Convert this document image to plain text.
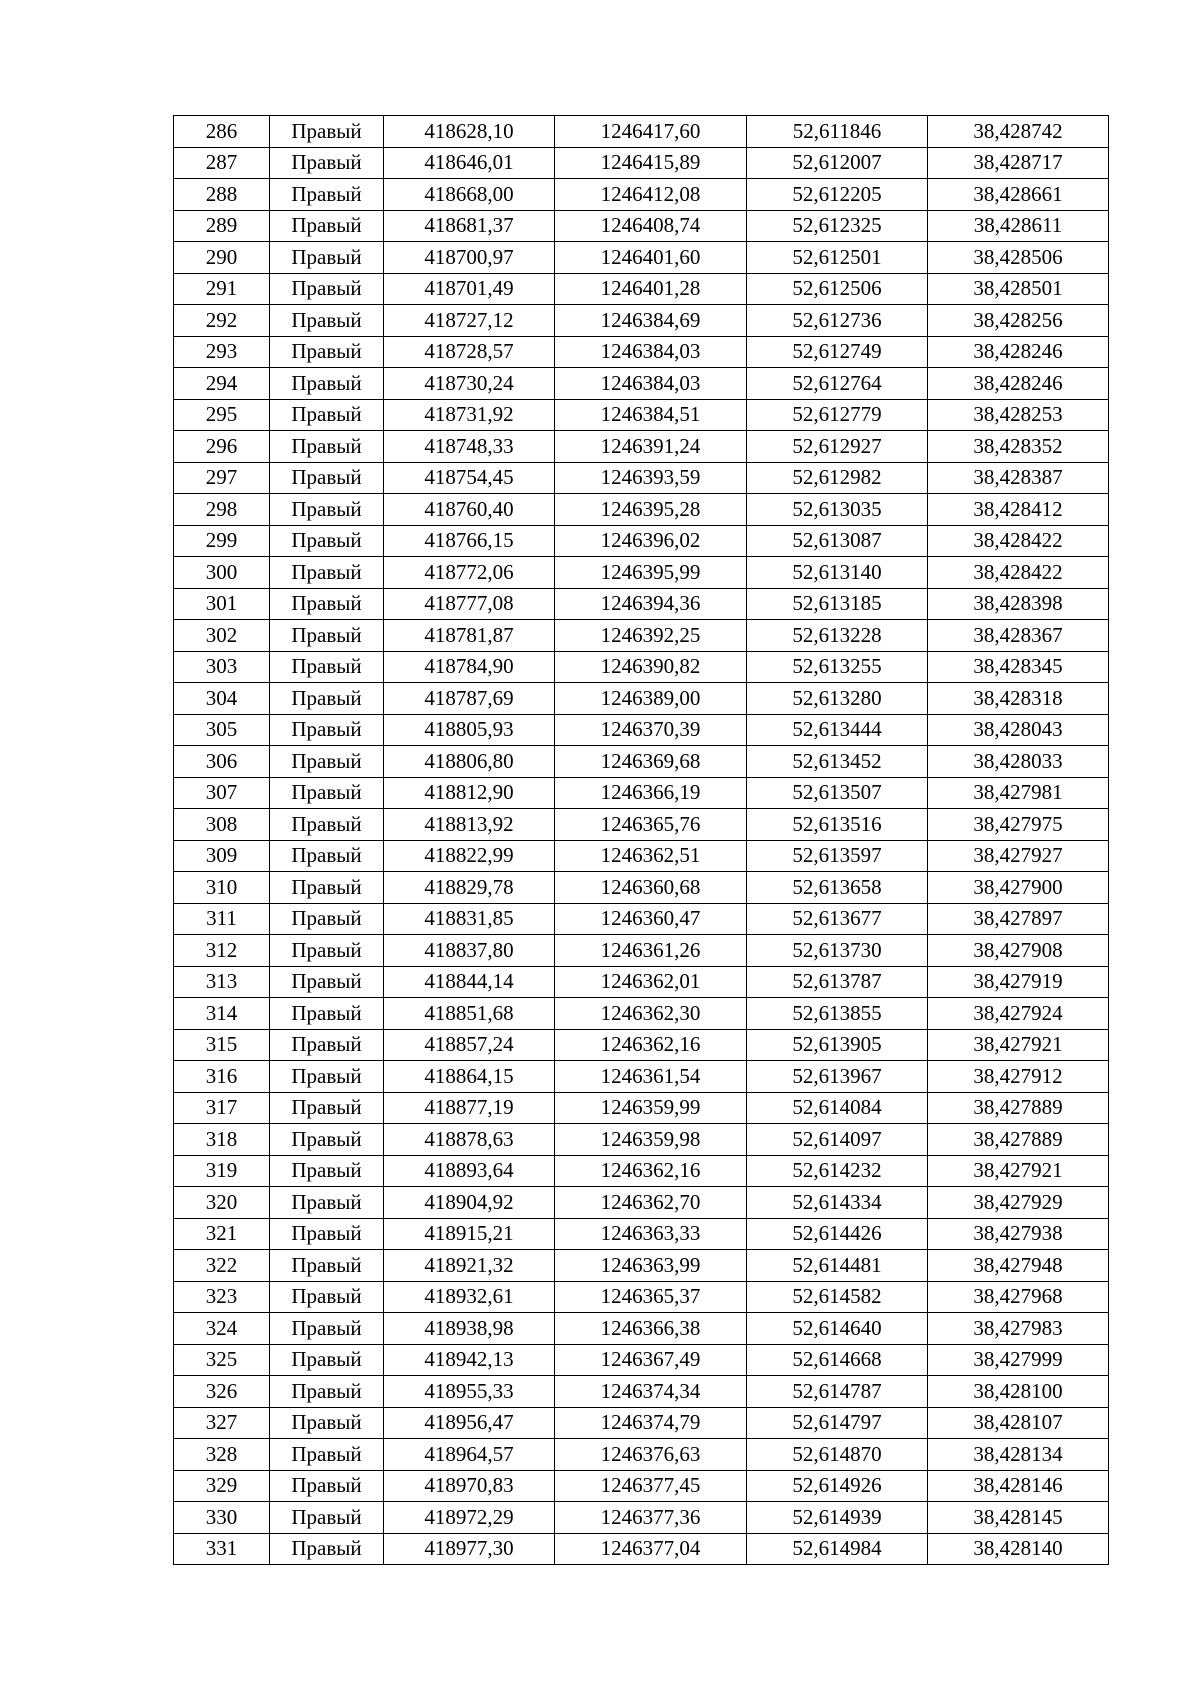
286	Правый	418628,10	1246417,60	52,611846	38,428742
287	Правый	418646,01	1246415,89	52,612007	38,428717
288	Правый	418668,00	1246412,08	52,612205	38,428661
289	Правый	418681,37	1246408,74	52,612325	38,428611
290	Правый	418700,97	1246401,60	52,612501	38,428506
291	Правый	418701,49	1246401,28	52,612506	38,428501
292	Правый	418727,12	1246384,69	52,612736	38,428256
293	Правый	418728,57	1246384,03	52,612749	38,428246
294	Правый	418730,24	1246384,03	52,612764	38,428246
295	Правый	418731,92	1246384,51	52,612779	38,428253
296	Правый	418748,33	1246391,24	52,612927	38,428352
297	Правый	418754,45	1246393,59	52,612982	38,428387
298	Правый	418760,40	1246395,28	52,613035	38,428412
299	Правый	418766,15	1246396,02	52,613087	38,428422
300	Правый	418772,06	1246395,99	52,613140	38,428422
301	Правый	418777,08	1246394,36	52,613185	38,428398
302	Правый	418781,87	1246392,25	52,613228	38,428367
303	Правый	418784,90	1246390,82	52,613255	38,428345
304	Правый	418787,69	1246389,00	52,613280	38,428318
305	Правый	418805,93	1246370,39	52,613444	38,428043
306	Правый	418806,80	1246369,68	52,613452	38,428033
307	Правый	418812,90	1246366,19	52,613507	38,427981
308	Правый	418813,92	1246365,76	52,613516	38,427975
309	Правый	418822,99	1246362,51	52,613597	38,427927
310	Правый	418829,78	1246360,68	52,613658	38,427900
311	Правый	418831,85	1246360,47	52,613677	38,427897
312	Правый	418837,80	1246361,26	52,613730	38,427908
313	Правый	418844,14	1246362,01	52,613787	38,427919
314	Правый	418851,68	1246362,30	52,613855	38,427924
315	Правый	418857,24	1246362,16	52,613905	38,427921
316	Правый	418864,15	1246361,54	52,613967	38,427912
317	Правый	418877,19	1246359,99	52,614084	38,427889
318	Правый	418878,63	1246359,98	52,614097	38,427889
319	Правый	418893,64	1246362,16	52,614232	38,427921
320	Правый	418904,92	1246362,70	52,614334	38,427929
321	Правый	418915,21	1246363,33	52,614426	38,427938
322	Правый	418921,32	1246363,99	52,614481	38,427948
323	Правый	418932,61	1246365,37	52,614582	38,427968
324	Правый	418938,98	1246366,38	52,614640	38,427983
325	Правый	418942,13	1246367,49	52,614668	38,427999
326	Правый	418955,33	1246374,34	52,614787	38,428100
327	Правый	418956,47	1246374,79	52,614797	38,428107
328	Правый	418964,57	1246376,63	52,614870	38,428134
329	Правый	418970,83	1246377,45	52,614926	38,428146
330	Правый	418972,29	1246377,36	52,614939	38,428145
331	Правый	418977,30	1246377,04	52,614984	38,428140
